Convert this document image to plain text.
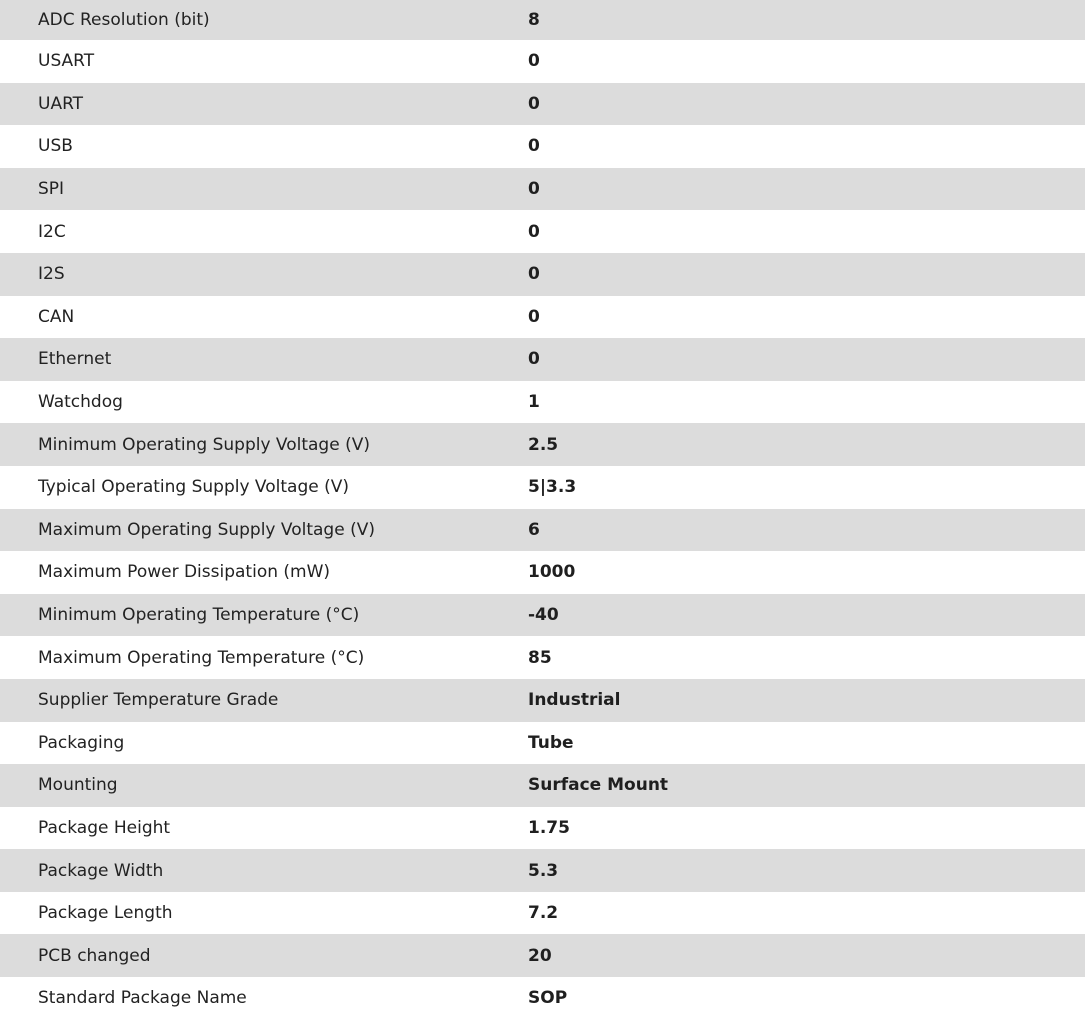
ADC Resolution (bit)	8
USART	0
UART	0
USB	0
SPI	0
I2C	0
I2S	0
CAN	0
Ethernet	0
Watchdog	1
Minimum Operating Supply Voltage (V)	2.5
Typical Operating Supply Voltage (V)	5|3.3
Maximum Operating Supply Voltage (V)	6
Maximum Power Dissipation (mW)	1000
Minimum Operating Temperature (°C)	-40
Maximum Operating Temperature (°C)	85
Supplier Temperature Grade	Industrial
Packaging	Tube
Mounting	Surface Mount
Package Height	1.75
Package Width	5.3
Package Length	7.2
PCB changed	20
Standard Package Name	SOP
